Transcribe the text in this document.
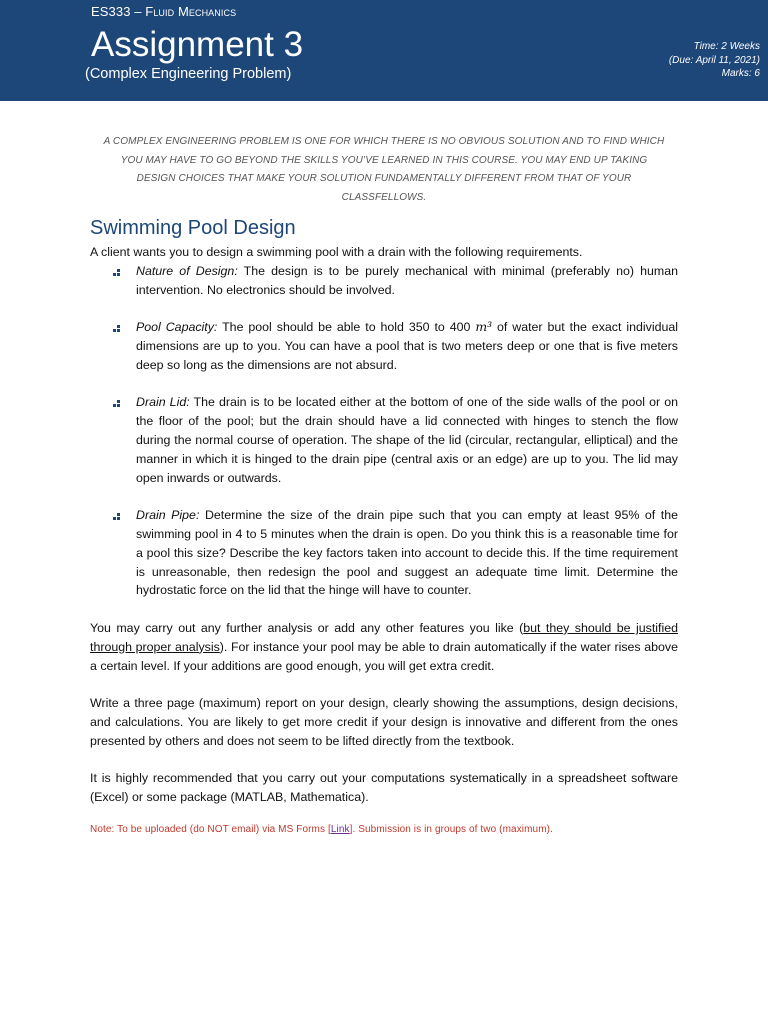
ES333 – Fluid Mechanics
Assignment 3
(Complex Engineering Problem)
Time: 2 Weeks
(Due: April 11, 2021)
Marks: 6
A COMPLEX ENGINEERING PROBLEM IS ONE FOR WHICH THERE IS NO OBVIOUS SOLUTION AND TO FIND WHICH YOU MAY HAVE TO GO BEYOND THE SKILLS YOU’VE LEARNED IN THIS COURSE. YOU MAY END UP TAKING DESIGN CHOICES THAT MAKE YOUR SOLUTION FUNDAMENTALLY DIFFERENT FROM THAT OF YOUR CLASSFELLOWS.
Swimming Pool Design

A client wants you to design a swimming pool with a drain with the following requirements.

Nature of Design: The design is to be purely mechanical with minimal (preferably no) human intervention. No electronics should be involved.
Pool Capacity: The pool should be able to hold 350 to 400 m³ of water but the exact individual dimensions are up to you. You can have a pool that is two meters deep or one that is five meters deep so long as the dimensions are not absurd.
Drain Lid: The drain is to be located either at the bottom of one of the side walls of the pool or on the floor of the pool; but the drain should have a lid connected with hinges to stench the flow during the normal course of operation. The shape of the lid (circular, rectangular, elliptical) and the manner in which it is hinged to the drain pipe (central axis or an edge) are up to you. The lid may open inwards or outwards.
Drain Pipe: Determine the size of the drain pipe such that you can empty at least 95% of the swimming pool in 4 to 5 minutes when the drain is open. Do you think this is a reasonable time for a pool this size? Describe the key factors taken into account to decide this. If the time requirement is unreasonable, then redesign the pool and suggest an adequate time limit. Determine the hydrostatic force on the lid that the hinge will have to counter.

You may carry out any further analysis or add any other features you like (but they should be justified through proper analysis). For instance your pool may be able to drain automatically if the water rises above a certain level. If your additions are good enough, you will get extra credit.

Write a three page (maximum) report on your design, clearly showing the assumptions, design decisions, and calculations. You are likely to get more credit if your design is innovative and different from the ones presented by others and does not seem to be lifted directly from the textbook.

It is highly recommended that you carry out your computations systematically in a spreadsheet software (Excel) or some package (MATLAB, Mathematica).

Note: To be uploaded (do NOT email) via MS Forms [Link]. Submission is in groups of two (maximum).
